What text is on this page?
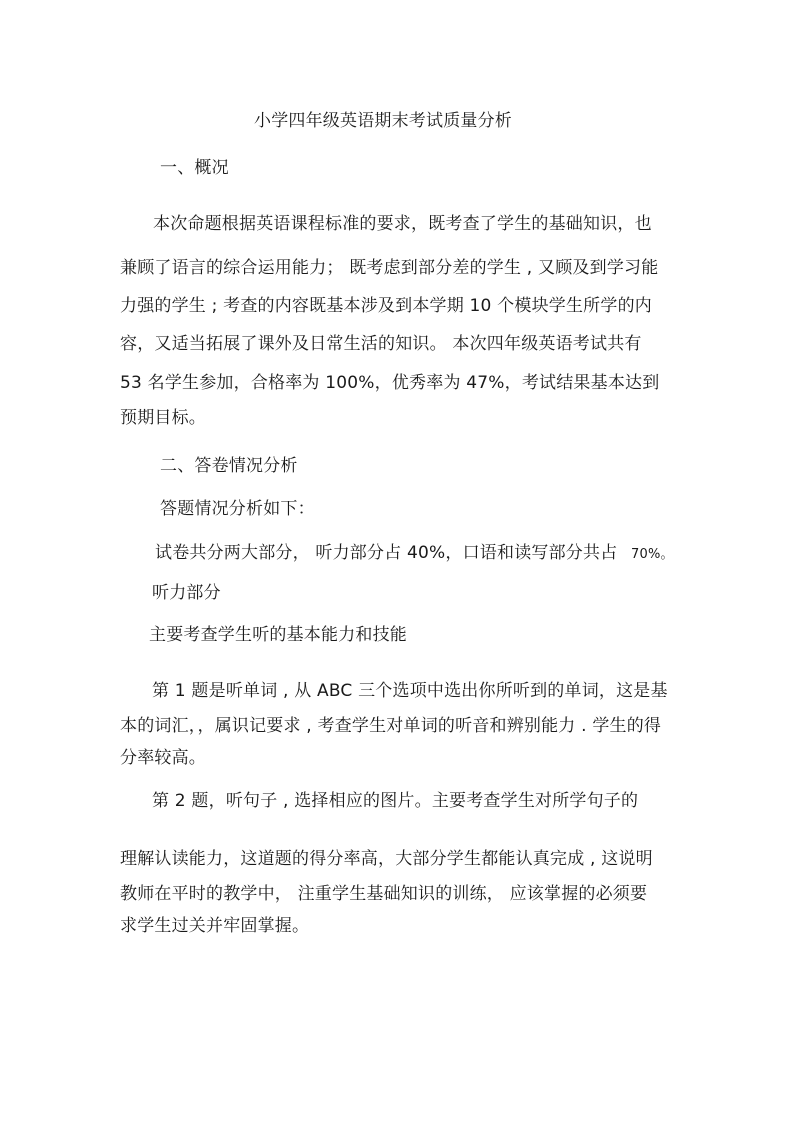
小学四年级英语期末考试质量分析
一、概况
本次命题根据英语课程标准的要求，既考查了学生的基础知识，也
兼顾了语言的综合运用能力； 既考虑到部分差的学生 , 又顾及到学习能
力强的学生 ; 考查的内容既基本涉及到本学期 10 个模块学生所学的内
容，又适当拓展了课外及日常生活的知识。 本次四年级英语考试共有
53 名学生参加，合格率为 100%，优秀率为 47%，考试结果基本达到
预期目标。
二、答卷情况分析
答题情况分析如下：
试卷共分两大部分， 听力部分占 40%，口语和读写部分共占 70%。
听力部分
主要考查学生听的基本能力和技能
第 1 题是听单词 , 从 ABC 三个选项中选出你所听到的单词，这是基
本的词汇，，属识记要求 , 考查学生对单词的听音和辨别能力 . 学生的得
分率较高。
第 2 题，听句子 , 选择相应的图片。主要考查学生对所学句子的
理解认读能力，这道题的得分率高，大部分学生都能认真完成 , 这说明
教师在平时的教学中， 注重学生基础知识的训练， 应该掌握的必须要
求学生过关并牢固掌握。
